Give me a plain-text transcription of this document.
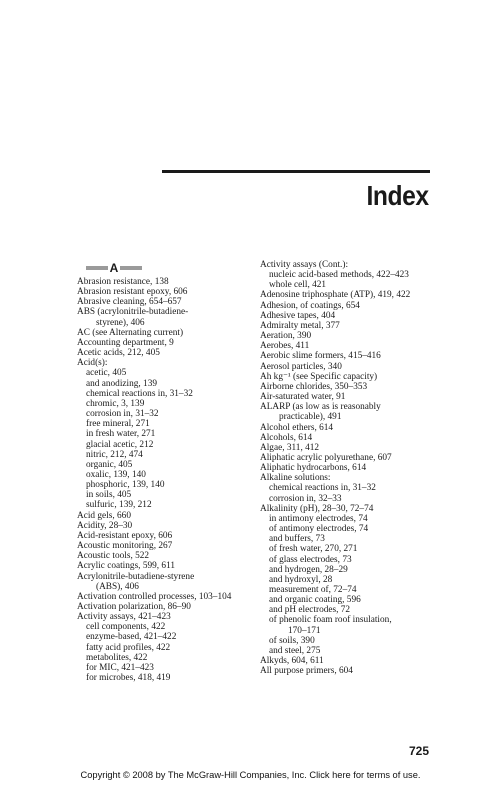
Index
A
Abrasion resistance, 138
Abrasion resistant epoxy, 606
Abrasive cleaning, 654–657
ABS (acrylonitrile-butadiene-
styrene), 406
AC (see Alternating current)
Accounting department, 9
Acetic acids, 212, 405
Acid(s):
acetic, 405
and anodizing, 139
chemical reactions in, 31–32
chromic, 3, 139
corrosion in, 31–32
free mineral, 271
in fresh water, 271
glacial acetic, 212
nitric, 212, 474
organic, 405
oxalic, 139, 140
phosphoric, 139, 140
in soils, 405
sulfuric, 139, 212
Acid gels, 660
Acidity, 28–30
Acid-resistant epoxy, 606
Acoustic monitoring, 267
Acoustic tools, 522
Acrylic coatings, 599, 611
Acrylonitrile-butadiene-styrene
(ABS), 406
Activation controlled processes, 103–104
Activation polarization, 86–90
Activity assays, 421–423
cell components, 422
enzyme-based, 421–422
fatty acid profiles, 422
metabolites, 422
for MIC, 421–423
for microbes, 418, 419
Activity assays (Cont.):
nucleic acid-based methods, 422–423
whole cell, 421
Adenosine triphosphate (ATP), 419, 422
Adhesion, of coatings, 654
Adhesive tapes, 404
Admiralty metal, 377
Aeration, 390
Aerobes, 411
Aerobic slime formers, 415–416
Aerosol particles, 340
Ah kg⁻¹ (see Specific capacity)
Airborne chlorides, 350–353
Air-saturated water, 91
ALARP (as low as is reasonably
practicable), 491
Alcohol ethers, 614
Alcohols, 614
Algae, 311, 412
Aliphatic acrylic polyurethane, 607
Aliphatic hydrocarbons, 614
Alkaline solutions:
chemical reactions in, 31–32
corrosion in, 32–33
Alkalinity (pH), 28–30, 72–74
in antimony electrodes, 74
of antimony electrodes, 74
and buffers, 73
of fresh water, 270, 271
of glass electrodes, 73
and hydrogen, 28–29
and hydroxyl, 28
measurement of, 72–74
and organic coating, 596
and pH electrodes, 72
of phenolic foam roof insulation,
170–171
of soils, 390
and steel, 275
Alkyds, 604, 611
All purpose primers, 604
725
Copyright © 2008 by The McGraw-Hill Companies, Inc. Click here for terms of use.
